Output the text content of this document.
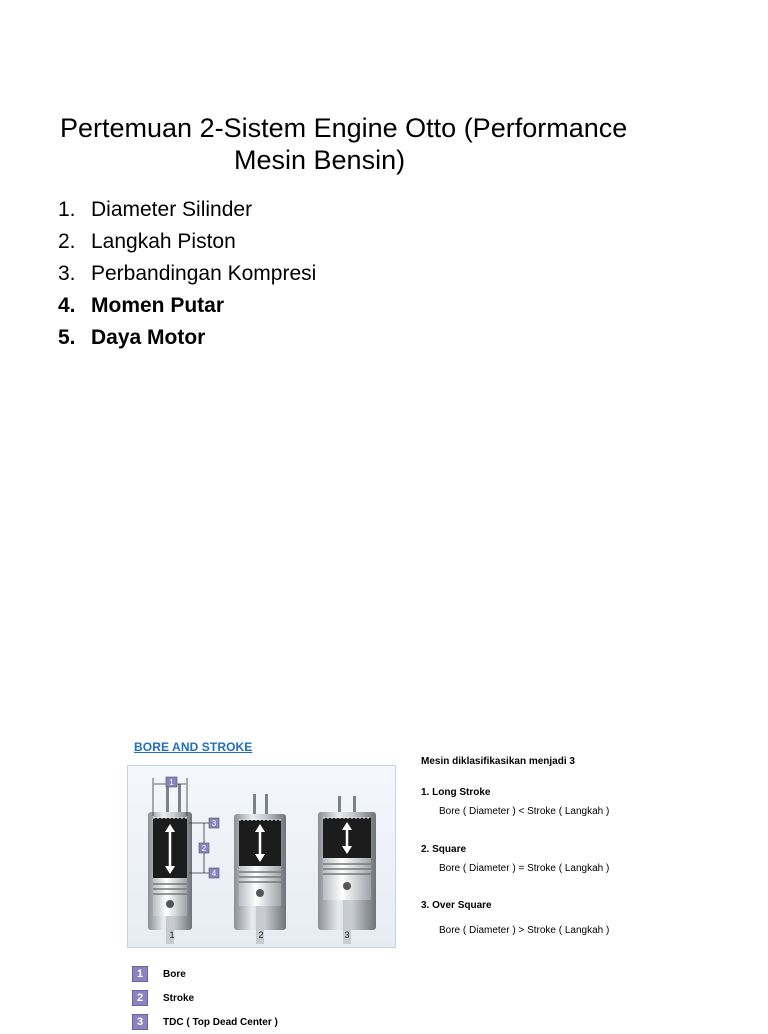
Pertemuan 2-Sistem Engine Otto (Performance
Mesin Bensin)
1. Diameter Silinder
2. Langkah Piston
3. Perbandingan Kompresi
4. Momen Putar
5. Daya Motor
BORE AND STROKE
1
3
2
4
1	2	3
1	Bore
2	Stroke
3	TDC ( Top Dead Center )
Mesin diklasifikasikan menjadi 3
1. Long Stroke
Bore ( Diameter ) < Stroke ( Langkah )
2. Square
Bore ( Diameter ) = Stroke ( Langkah )
3. Over Square
Bore ( Diameter ) > Stroke ( Langkah )
